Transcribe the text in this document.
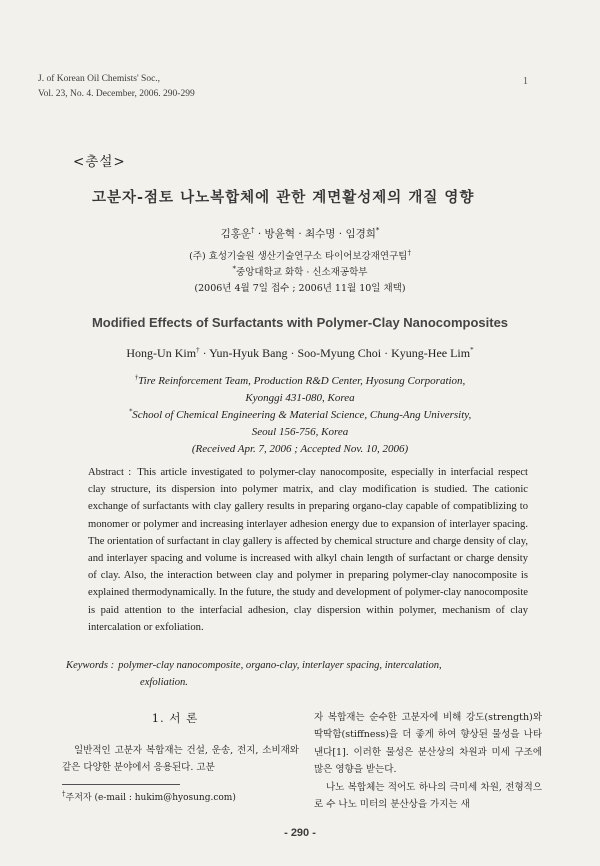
J. of Korean Oil Chemists' Soc.,
Vol. 23, No. 4. December, 2006. 290-299
1
<총설>
고분자-점토 나노복합체에 관한 계면활성제의 개질 영향
김홍운† · 방윤혁 · 최수명 · 임경희*
(주) 효성기술원 생산기술연구소 타이어보강재연구팀†
*중앙대학교 화학 · 신소재공학부
(2006년 4월 7일 접수 ; 2006년 11월 10일 채택)
Modified Effects of Surfactants with Polymer-Clay Nanocomposites
Hong-Un Kim† · Yun-Hyuk Bang · Soo-Myung Choi · Kyung-Hee Lim*
†Tire Reinforcement Team, Production R&D Center, Hyosung Corporation,
Kyonggi 431-080, Korea
*School of Chemical Engineering & Material Science, Chung-Ang University,
Seoul 156-756, Korea
(Received Apr. 7, 2006 ; Accepted Nov. 10, 2006)
Abstract : This article investigated to polymer-clay nanocomposite, especially in interfacial respect clay structure, its dispersion into polymer matrix, and clay modification is studied. The cationic exchange of surfactants with clay gallery results in preparing organo-clay capable of compatiblizing to monomer or polymer and increasing interlayer adhesion energy due to expansion of interlayer spacing. The orientation of surfactant in clay gallery is affected by chemical structure and charge density of clay, and interlayer spacing and volume is increased with alkyl chain length of surfactant or charge density of clay. Also, the interaction between clay and polymer in preparing polymer-clay nanocomposite is explained thermodynamically. In the future, the study and development of polymer-clay nanocomposite is paid attention to the interfacial adhesion, clay dispersion within polymer, mechanism of clay intercalation or exfoliation.
Keywords : polymer-clay nanocomposite, organo-clay, interlayer spacing, intercalation,
exfoliation.
1. 서 론
일반적인 고분자 복합재는 건설, 운송, 전지, 소비재와 같은 다양한 분야에서 응용된다. 고분

자 복합재는 순수한 고분자에 비해 강도(strength)와 딱딱함(stiffness)을 더 좋게 하여 향상된 물성을 나타낸다[1]. 이러한 물성은 분산상의 차원과 미세 구조에 많은 영향을 받는다.

나노 복합체는 적어도 하나의 극미세 차원, 전형적으로 수 나노 미터의 분산상을 가지는 새

†주저자 (e-mail : hukim@hyosung.com)
- 290 -
